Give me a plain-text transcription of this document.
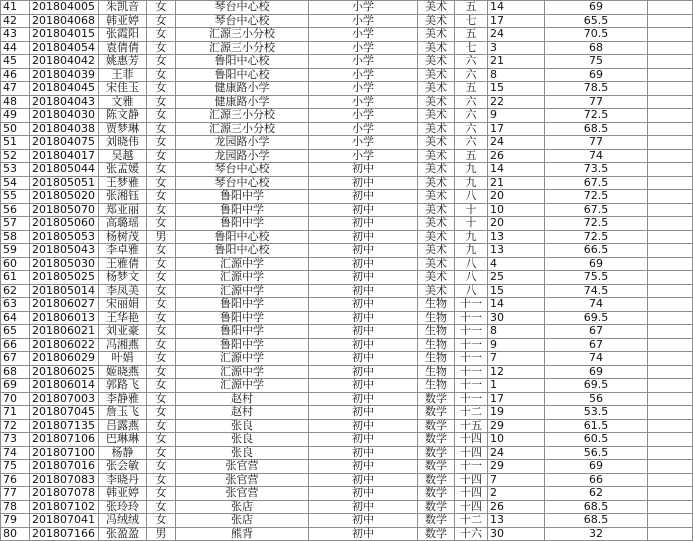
41	201804005	朱凯音	女	琴台中心校	小学	美术	五	14	69		
42	201804068	韩亚婷	女	琴台中心校	小学	美术	七	17	65.5		
43	201804015	张霞阳	女	汇源三小分校	小学	美术	五	24	70.5		
44	201804054	袁倩倩	女	汇源三小分校	小学	美术	七	3	68		
45	201804042	姚惠芳	女	鲁阳中心校	小学	美术	六	21	75		
46	201804039	王菲	女	鲁阳中心校	小学	美术	六	8	69		
47	201804045	宋佳玉	女	健康路小学	小学	美术	五	15	78.5		
48	201804043	文雅	女	健康路小学	小学	美术	六	22	77		
49	201804030	陈文静	女	汇源三小分校	小学	美术	六	9	72.5		
50	201804038	贾梦琳	女	汇源三小分校	小学	美术	六	17	68.5		
51	201804075	刘晓伟	女	龙园路小学	小学	美术	六	24	77		
52	201804017	吴越	女	龙园路小学	小学	美术	五	26	74		
53	201805044	张孟媛	女	琴台中心校	初中	美术	九	14	73.5		
54	201805051	王梦雅	女	琴台中心校	初中	美术	九	21	67.5		
55	201805020	张湘钰	女	鲁阳中学	初中	美术	八	20	72.5		
56	201805070	郑亚丽	女	鲁阳中学	初中	美术	十	10	67.5		
57	201805060	高璐瑶	女	鲁阳中学	初中	美术	十	20	72.5		
58	201805053	杨树茂	男	鲁阳中心校	初中	美术	九	13	72.5		
59	201805043	李卓雅	女	鲁阳中心校	初中	美术	九	13	66.5		
60	201805030	王雅倩	女	汇源中学	初中	美术	八	4	69		
61	201805025	杨梦文	女	汇源中学	初中	美术	八	25	75.5		
62	201805014	李凤美	女	汇源中学	初中	美术	八	15	74.5		
63	201806027	宋丽娟	女	鲁阳中学	初中	生物	十一	14	74		
64	201806013	王华艳	女	鲁阳中学	初中	生物	十一	30	69.5		
65	201806021	刘亚豪	女	鲁阳中学	初中	生物	十一	8	67		
66	201806022	冯湘燕	女	鲁阳中学	初中	生物	十一	9	67		
67	201806029	叶娟	女	汇源中学	初中	生物	十一	7	74		
68	201806025	姬晓燕	女	汇源中学	初中	生物	十一	12	69		
69	201806014	郭路飞	女	汇源中学	初中	生物	十一	1	69.5		
70	201807003	李静雅	女	赵村	初中	数学	十一	17	56		
71	201807045	詹玉飞	女	赵村	初中	数学	十二	19	53.5		
72	201807135	吕露燕	女	张良	初中	数学	十五	29	61.5		
73	201807106	巴琳琳	女	张良	初中	数学	十四	10	60.5		
74	201807100	杨静	女	张良	初中	数学	十四	24	56.5		
75	201807016	张会敏	女	张官营	初中	数学	十一	29	69		
76	201807083	李晓丹	女	张官营	初中	数学	十四	7	66		
77	201807078	韩亚婷	女	张官营	初中	数学	十四	2	62		
78	201807102	张玲玲	女	张店	初中	数学	十四	26	68.5		
79	201807041	冯绒绒	女	张店	初中	数学	十二	13	68.5		
80	201807166	张盈盈	男	熊背	初中	数学	十六	30	32		
